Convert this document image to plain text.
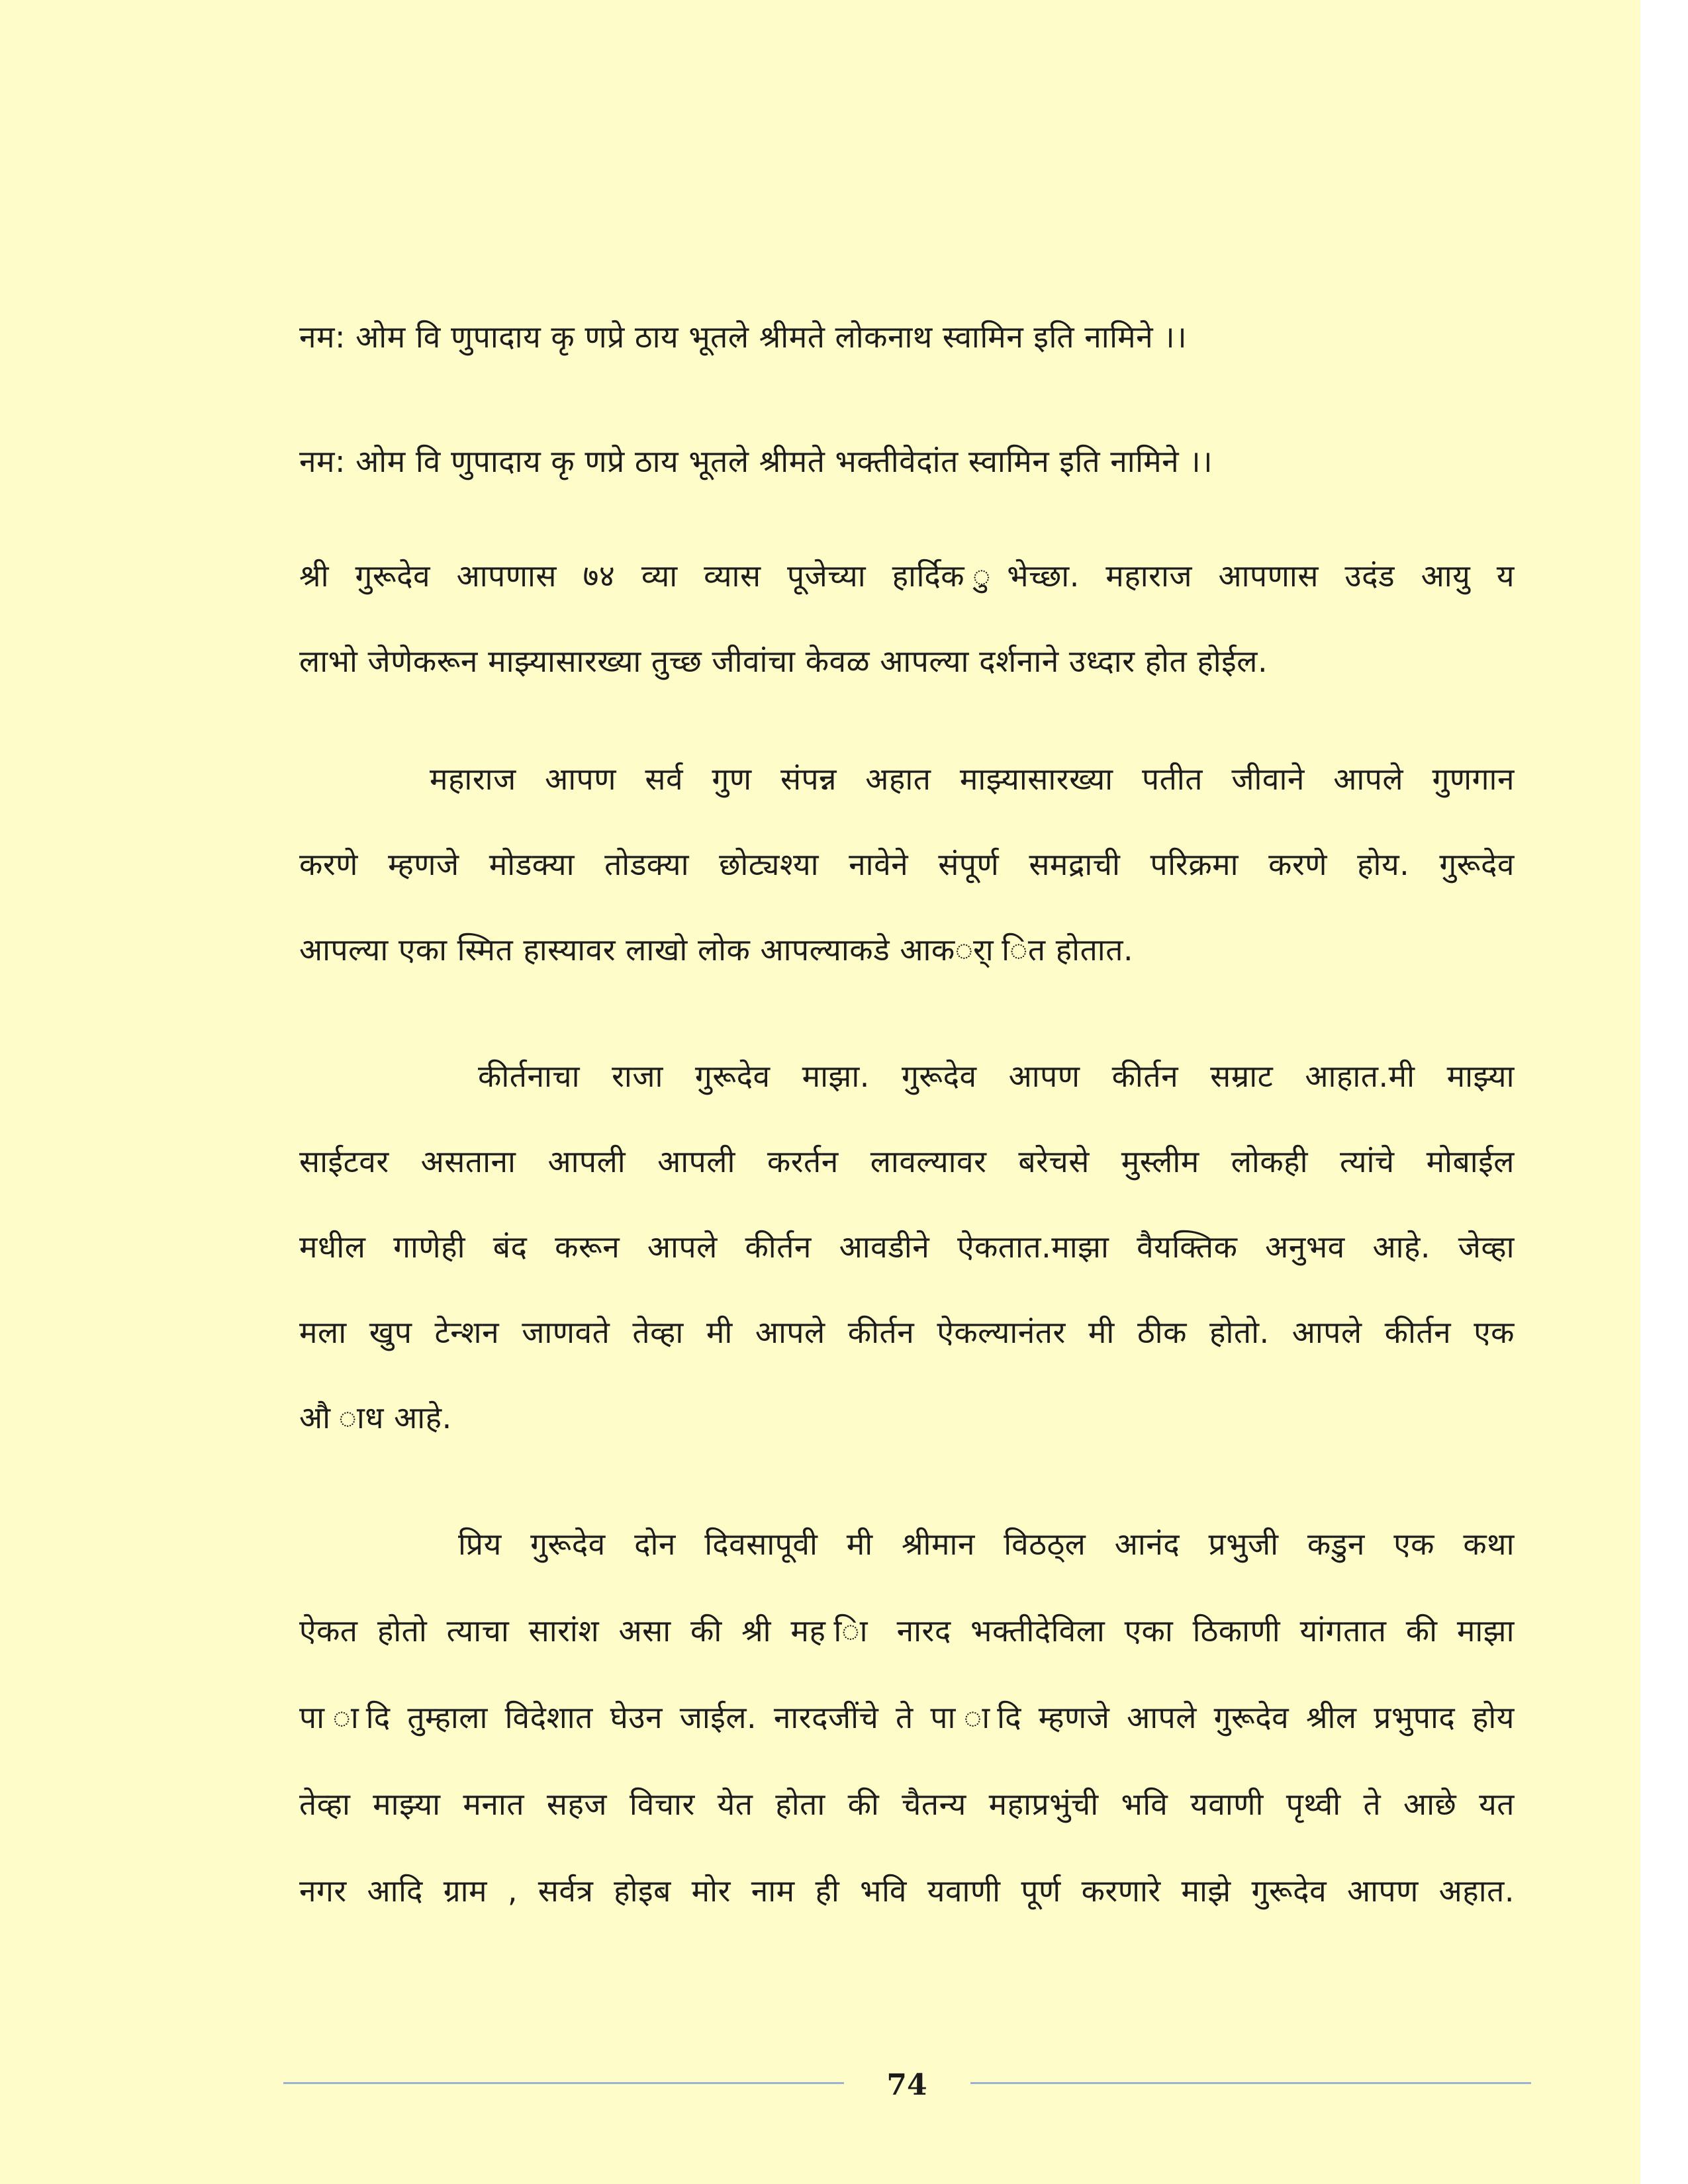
नम: ओम वि णुपादाय कृ णप्रे ठाय भूतले श्रीमते लोकनाथ स्वामिन इति नामिने ।।
नम: ओम वि णुपादाय कृ णप्रे ठाय भूतले श्रीमते भक्तीवेदांत स्वामिन इति नामिने ।।
श्री गुरूदेव आपणास ७४ व्या व्यास पूजेच्या हार्दिक ुभेच्छा. महाराज आपणास उदंड आयु य
लाभो जेणेकरून माझ्यासारख्या तुच्छ जीवांचा केवळ आपल्या दर्शनाने उध्दार होत होईल.
महाराज आपण सर्व गुण संपन्न अहात माझ्यासारख्या पतीत जीवाने आपले गुणगान
करणे म्हणजे मोडक्या तोडक्या छोट्यश्या नावेने संपूर्ण समद्राची परिक्रमा करणे होय. गुरूदेव
आपल्या एका स्मित हास्यावर लाखो लोक आपल्याकडे आकर्ा ित होतात.
कीर्तनाचा राजा गुरूदेव माझा. गुरूदेव आपण कीर्तन सम्राट आहात.मी माझ्या
साईटवर असताना आपली आपली करर्तन लावल्यावर बरेचसे मुस्लीम लोकही त्यांचे मोबाईल
मधील गाणेही बंद करून आपले कीर्तन आवडीने ऐकतात.माझा वैयक्तिक अनुभव आहे. जेव्हा
मला खुप टेन्शन जाणवते तेव्हा मी आपले कीर्तन ऐकल्यानंतर मी ठीक होतो. आपले कीर्तन एक
औ ाध आहे.
प्रिय गुरूदेव दोन दिवसापूवी मी श्रीमान विठठ्ल आनंद प्रभुजी कडुन एक कथा
ऐकत होतो त्याचा सारांश असा की श्री मह ाि नारद भक्तीदेविला एका ठिकाणी यांगतात की माझा
पा ादि तुम्हाला विदेशात घेउन जाईल. नारदजींचे ते पा ादि म्हणजे आपले गुरूदेव श्रील प्रभुपाद होय
तेव्हा माझ्या मनात सहज विचार येत होता की चैतन्य महाप्रभुंची भवि यवाणी पृथ्वी ते आछे यत
नगर आदि ग्राम , सर्वत्र होइब मोर नाम ही भवि यवाणी पूर्ण करणारे माझे गुरूदेव आपण अहात.
74
